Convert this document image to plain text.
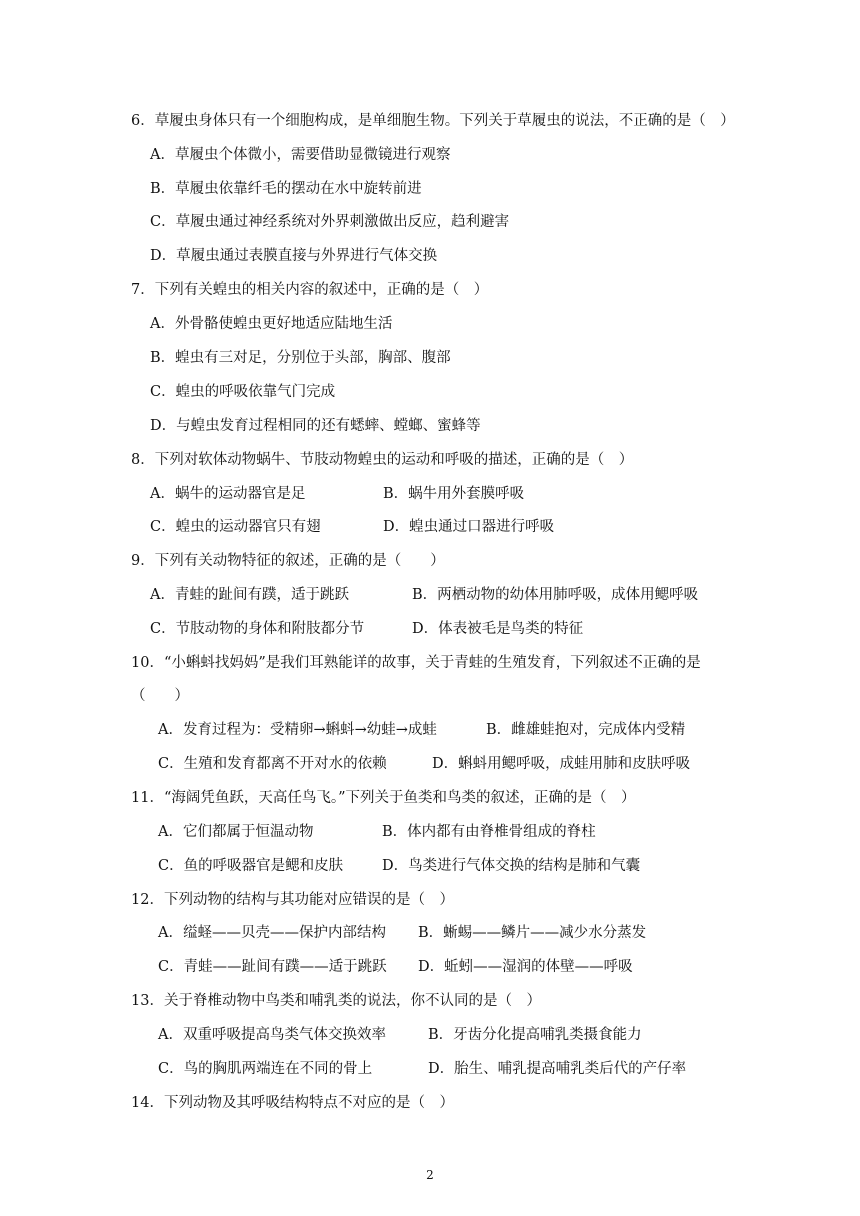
6．草履虫身体只有一个细胞构成，是单细胞生物。下列关于草履虫的说法，不正确的是（　）
A．草履虫个体微小，需要借助显微镜进行观察
B．草履虫依靠纤毛的摆动在水中旋转前进
C．草履虫通过神经系统对外界刺激做出反应，趋利避害
D．草履虫通过表膜直接与外界进行气体交换
7．下列有关蝗虫的相关内容的叙述中，正确的是（　）
A．外骨骼使蝗虫更好地适应陆地生活
B．蝗虫有三对足，分别位于头部，胸部、腹部
C．蝗虫的呼吸依靠气门完成
D．与蝗虫发育过程相同的还有蟋蟀、螳螂、蜜蜂等
8．下列对软体动物蜗牛、节肢动物蝗虫的运动和呼吸的描述，正确的是（　）
A．蜗牛的运动器官是足	B．蜗牛用外套膜呼吸
C．蝗虫的运动器官只有翅	D．蝗虫通过口器进行呼吸
9．下列有关动物特征的叙述，正确的是（　　）
A．青蛙的趾间有蹼，适于跳跃	B．两栖动物的幼体用肺呼吸，成体用鳃呼吸
C．节肢动物的身体和附肢都分节	D．体表被毛是鸟类的特征
10．“小蝌蚪找妈妈”是我们耳熟能详的故事，关于青蛙的生殖发育，下列叙述不正确的是
（　　）
A．发育过程为：受精卵→蝌蚪→幼蛙→成蛙	B．雌雄蛙抱对，完成体内受精
C．生殖和发育都离不开对水的依赖	D．蝌蚪用鳃呼吸，成蛙用肺和皮肤呼吸
11．“海阔凭鱼跃，天高任鸟飞。”下列关于鱼类和鸟类的叙述，正确的是（　）
A．它们都属于恒温动物	B．体内都有由脊椎骨组成的脊柱
C．鱼的呼吸器官是鳃和皮肤	D．鸟类进行气体交换的结构是肺和气囊
12．下列动物的结构与其功能对应错误的是（　）
A．缢蛏——贝壳——保护内部结构 B．蜥蜴——鳞片——减少水分蒸发
C．青蛙——趾间有蹼——适于跳跃 D．蚯蚓——湿润的体壁——呼吸
13．关于脊椎动物中鸟类和哺乳类的说法，你不认同的是（　）
A．双重呼吸提高鸟类气体交换效率	B．牙齿分化提高哺乳类摄食能力
C．鸟的胸肌两端连在不同的骨上	D．胎生、哺乳提高哺乳类后代的产仔率
14．下列动物及其呼吸结构特点不对应的是（　）
2
